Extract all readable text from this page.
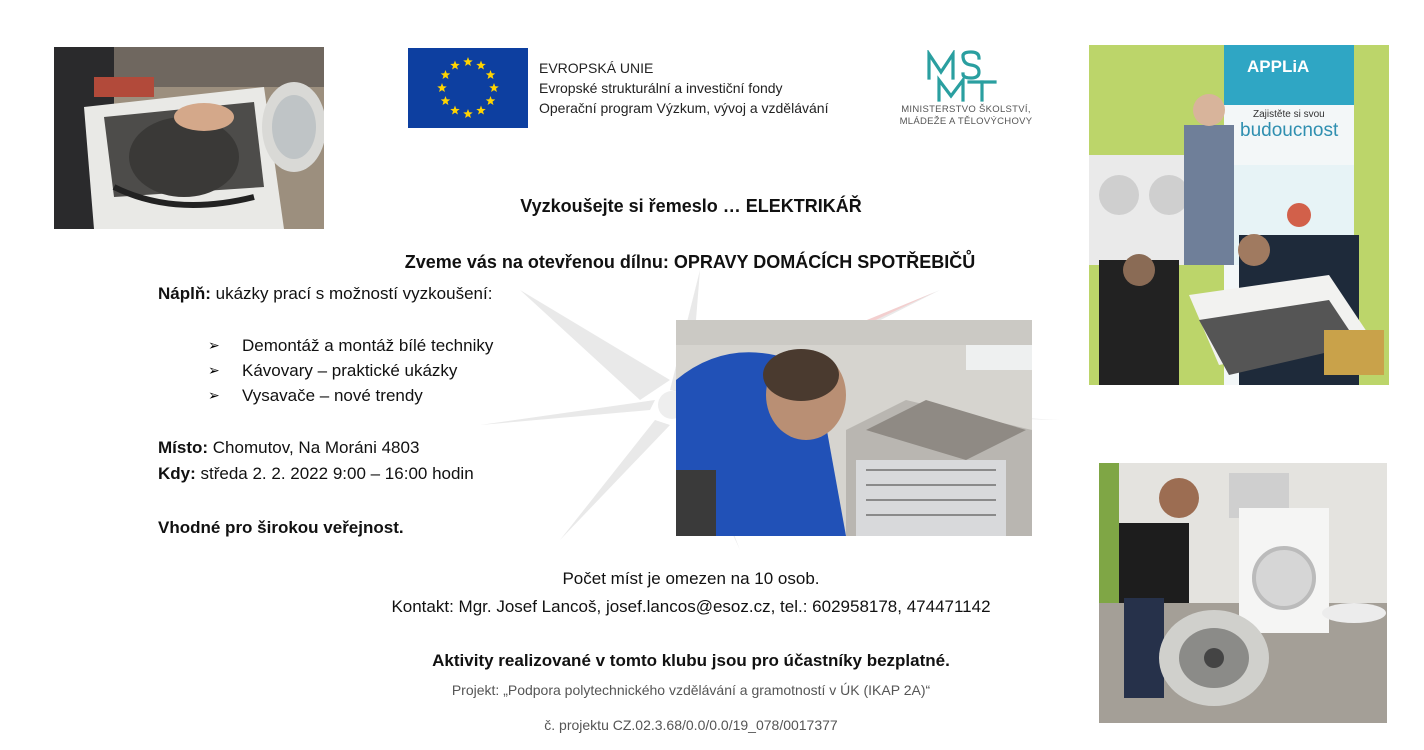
EVROPSKÁ UNIE
Evropské strukturální a investiční fondy
Operační program Výzkum, vývoj a vzdělávání	MINISTERSTVO ŠKOLSTVÍ,
MLÁDEŽE A TĚLOVÝCHOVY
APPLiA
Zajistěte si svou
budoucnost
Vyzkoušejte si řemeslo … ELEKTRIKÁŘ
Zveme vás na otevřenou dílnu: OPRAVY DOMÁCÍCH SPOTŘEBIČŮ
Náplň: ukázky prací s možností vyzkoušení:
➢	Demontáž a montáž bílé techniky
➢	Kávovary – praktické ukázky
➢	Vysavače – nové trendy
Místo: Chomutov, Na Moráni 4803
Kdy: středa 2. 2. 2022 9:00 – 16:00 hodin
Vhodné pro širokou veřejnost.
Počet míst je omezen na 10 osob.
Kontakt: Mgr. Josef Lancoš, josef.lancos@esoz.cz, tel.: 602958178, 474471142
Aktivity realizované v tomto klubu jsou pro účastníky bezplatné.
Projekt: „Podpora polytechnického vzdělávání a gramotností v ÚK (IKAP 2A)“
č. projektu CZ.02.3.68/0.0/0.0/19_078/0017377
